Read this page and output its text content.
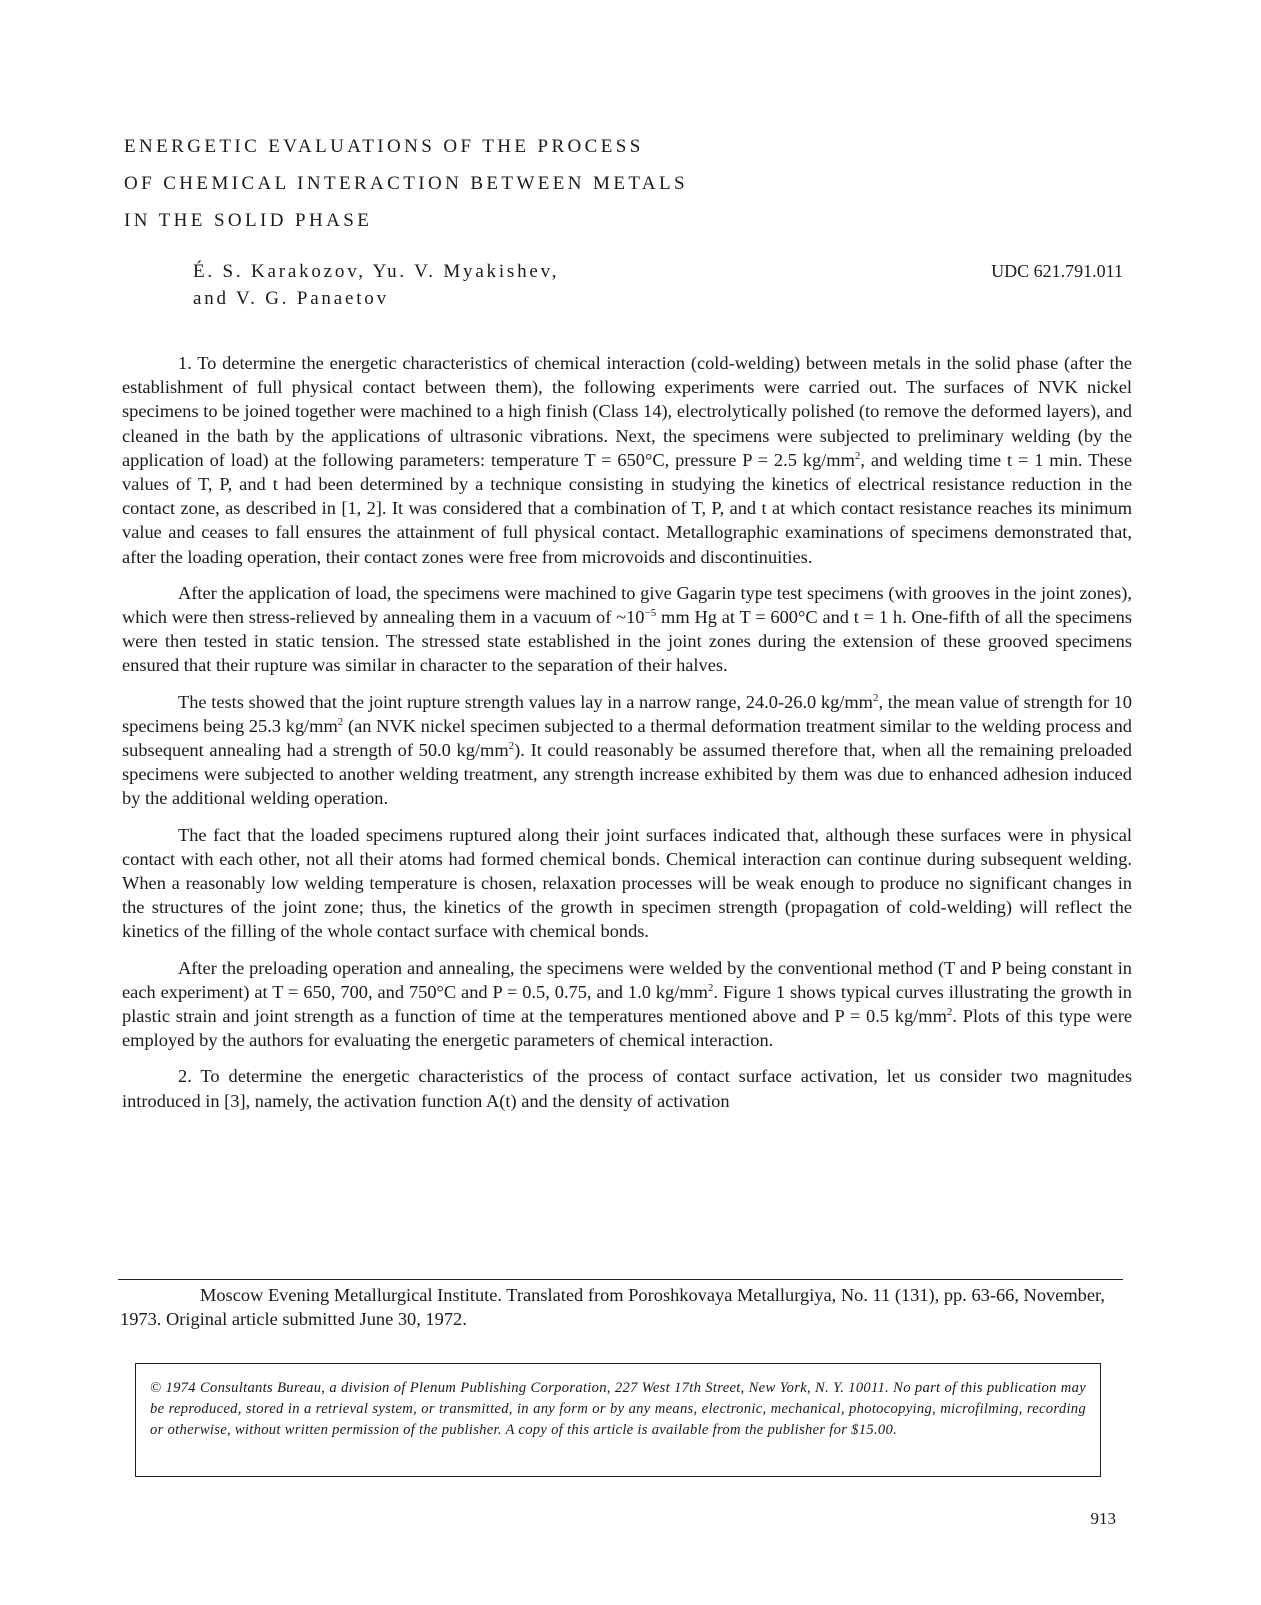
ENERGETIC EVALUATIONS OF THE PROCESS
OF CHEMICAL INTERACTION BETWEEN METALS
IN THE SOLID PHASE
É. S. Karakozov, Yu. V. Myakishev,
and V. G. Panaetov
UDC 621.791.011

1. To determine the energetic characteristics of chemical interaction (cold-welding) between metals in the solid phase (after the establishment of full physical contact between them), the following experiments were carried out. The surfaces of NVK nickel specimens to be joined together were machined to a high finish (Class 14), electrolytically polished (to remove the deformed layers), and cleaned in the bath by the applications of ultrasonic vibrations. Next, the specimens were subjected to preliminary welding (by the application of load) at the following parameters: temperature T = 650°C, pressure P = 2.5 $kg/mm^2$, and welding time t = 1 min. These values of T, P, and t had been determined by a technique consisting in studying the kinetics of electrical resistance reduction in the contact zone, as described in [1, 2]. It was considered that a combination of T, P, and t at which contact resistance reaches its minimum value and ceases to fall ensures the attainment of full physical contact. Metallographic examinations of specimens demonstrated that, after the loading operation, their contact zones were free from microvoids and discontinuities.

After the application of load, the specimens were machined to give Gagarin type test specimens (with grooves in the joint zones), which were then stress-relieved by annealing them in a vacuum of $\sim 10^{-5}$ mm Hg at T = 600°C and t = 1 h. One-fifth of all the specimens were then tested in static tension. The stressed state established in the joint zones during the extension of these grooved specimens ensured that their rupture was similar in character to the separation of their halves.

The tests showed that the joint rupture strength values lay in a narrow range, 24.0-26.0 $kg/mm^2$, the mean value of strength for 10 specimens being 25.3 $kg/mm^2$ (an NVK nickel specimen subjected to a thermal deformation treatment similar to the welding process and subsequent annealing had a strength of 50.0 $kg/mm^2$). It could reasonably be assumed therefore that, when all the remaining preloaded specimens were subjected to another welding treatment, any strength increase exhibited by them was due to enhanced adhesion induced by the additional welding operation.

The fact that the loaded specimens ruptured along their joint surfaces indicated that, although these surfaces were in physical contact with each other, not all their atoms had formed chemical bonds. Chemical interaction can continue during subsequent welding. When a reasonably low welding temperature is chosen, relaxation processes will be weak enough to produce no significant changes in the structures of the joint zone; thus, the kinetics of the growth in specimen strength (propagation of cold-welding) will reflect the kinetics of the filling of the whole contact surface with chemical bonds.

After the preloading operation and annealing, the specimens were welded by the conventional method (T and P being constant in each experiment) at T = 650, 700, and 750°C and P = 0.5, 0.75, and 1.0 $kg/mm^2$. Figure 1 shows typical curves illustrating the growth in plastic strain and joint strength as a function of time at the temperatures mentioned above and P = 0.5 $kg/mm^2$. Plots of this type were employed by the authors for evaluating the energetic parameters of chemical interaction.

2. To determine the energetic characteristics of the process of contact surface activation, let us consider two magnitudes introduced in [3], namely, the activation function A(t) and the density of activation

Moscow Evening Metallurgical Institute. Translated from Poroshkovaya Metallurgiya, No. 11 (131), pp. 63-66, November, 1973. Original article submitted June 30, 1972.
© 1974 Consultants Bureau, a division of Plenum Publishing Corporation, 227 West 17th Street, New York, N. Y. 10011. No part of this publication may be reproduced, stored in a retrieval system, or transmitted, in any form or by any means, electronic, mechanical, photocopying, microfilming, recording or otherwise, without written permission of the publisher. A copy of this article is available from the publisher for $15.00.
913
